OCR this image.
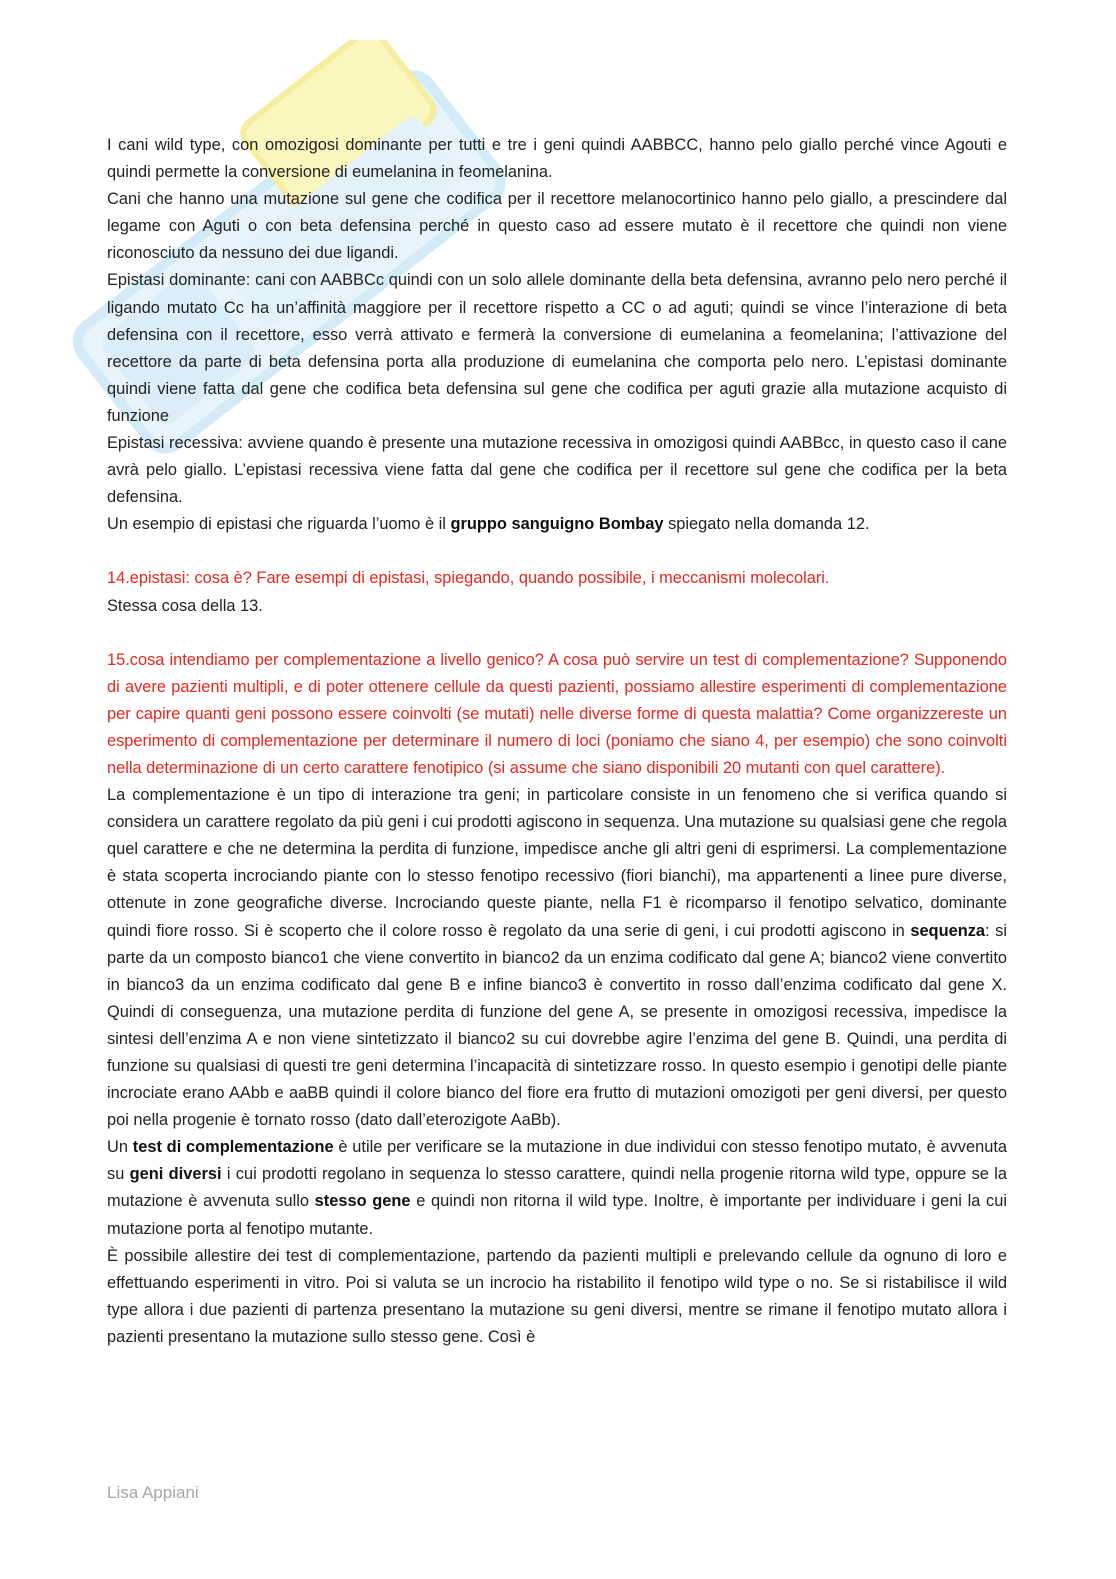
I cani wild type, con omozigosi dominante per tutti e tre i geni quindi AABBCC, hanno pelo giallo perché vince Agouti e quindi permette la conversione di eumelanina in feomelanina.

Cani che hanno una mutazione sul gene che codifica per il recettore melanocortinico hanno pelo giallo, a prescindere dal legame con Aguti o con beta defensina perché in questo caso ad essere mutato è il recettore che quindi non viene riconosciuto da nessuno dei due ligandi.

Epistasi dominante: cani con AABBCc quindi con un solo allele dominante della beta defensina, avranno pelo nero perché il ligando mutato Cc ha un’affinità maggiore per il recettore rispetto a CC o ad aguti; quindi se vince l’interazione di beta defensina con il recettore, esso verrà attivato e fermerà la conversione di eumelanina a feomelanina; l’attivazione del recettore da parte di beta defensina porta alla produzione di eumelanina che comporta pelo nero. L’epistasi dominante quindi viene fatta dal gene che codifica beta defensina sul gene che codifica per aguti grazie alla mutazione acquisto di funzione

Epistasi recessiva: avviene quando è presente una mutazione recessiva in omozigosi quindi AABBcc, in questo caso il cane avrà pelo giallo. L’epistasi recessiva viene fatta dal gene che codifica per il recettore sul gene che codifica per la beta defensina.

Un esempio di epistasi che riguarda l’uomo è il gruppo sanguigno Bombay spiegato nella domanda 12.

14.epistasi: cosa è? Fare esempi di epistasi, spiegando, quando possibile, i meccanismi molecolari.

Stessa cosa della 13.

15.cosa intendiamo per complementazione a livello genico? A cosa può servire un test di complementazione? Supponendo di avere pazienti multipli, e di poter ottenere cellule da questi pazienti, possiamo allestire esperimenti di complementazione per capire quanti geni possono essere coinvolti (se mutati) nelle diverse forme di questa malattia? Come organizzereste un esperimento di complementazione per determinare il numero di loci (poniamo che siano 4, per esempio) che sono coinvolti nella determinazione di un certo carattere fenotipico (si assume che siano disponibili 20 mutanti con quel carattere).

La complementazione è un tipo di interazione tra geni; in particolare consiste in un fenomeno che si verifica quando si considera un carattere regolato da più geni i cui prodotti agiscono in sequenza. Una mutazione su qualsiasi gene che regola quel carattere e che ne determina la perdita di funzione, impedisce anche gli altri geni di esprimersi. La complementazione è stata scoperta incrociando piante con lo stesso fenotipo recessivo (fiori bianchi), ma appartenenti a linee pure diverse, ottenute in zone geografiche diverse. Incrociando queste piante, nella F1 è ricomparso il fenotipo selvatico, dominante quindi fiore rosso. Si è scoperto che il colore rosso è regolato da una serie di geni, i cui prodotti agiscono in sequenza: si parte da un composto bianco1 che viene convertito in bianco2 da un enzima codificato dal gene A; bianco2 viene convertito in bianco3 da un enzima codificato dal gene B e infine bianco3 è convertito in rosso dall’enzima codificato dal gene X. Quindi di conseguenza, una mutazione perdita di funzione del gene A, se presente in omozigosi recessiva, impedisce la sintesi dell’enzima A e non viene sintetizzato il bianco2 su cui dovrebbe agire l’enzima del gene B. Quindi, una perdita di funzione su qualsiasi di questi tre geni determina l’incapacità di sintetizzare rosso. In questo esempio i genotipi delle piante incrociate erano AAbb e aaBB quindi il colore bianco del fiore era frutto di mutazioni omozigoti per geni diversi, per questo poi nella progenie è tornato rosso (dato dall’eterozigote AaBb).

Un test di complementazione è utile per verificare se la mutazione in due individui con stesso fenotipo mutato, è avvenuta su geni diversi i cui prodotti regolano in sequenza lo stesso carattere, quindi nella progenie ritorna wild type, oppure se la mutazione è avvenuta sullo stesso gene e quindi non ritorna il wild type. Inoltre, è importante per individuare i geni la cui mutazione porta al fenotipo mutante.

È possibile allestire dei test di complementazione, partendo da pazienti multipli e prelevando cellule da ognuno di loro e effettuando esperimenti in vitro. Poi si valuta se un incrocio ha ristabilito il fenotipo wild type o no. Se si ristabilisce il wild type allora i due pazienti di partenza presentano la mutazione su geni diversi, mentre se rimane il fenotipo mutato allora i pazienti presentano la mutazione sullo stesso gene. Così è

Lisa Appiani
